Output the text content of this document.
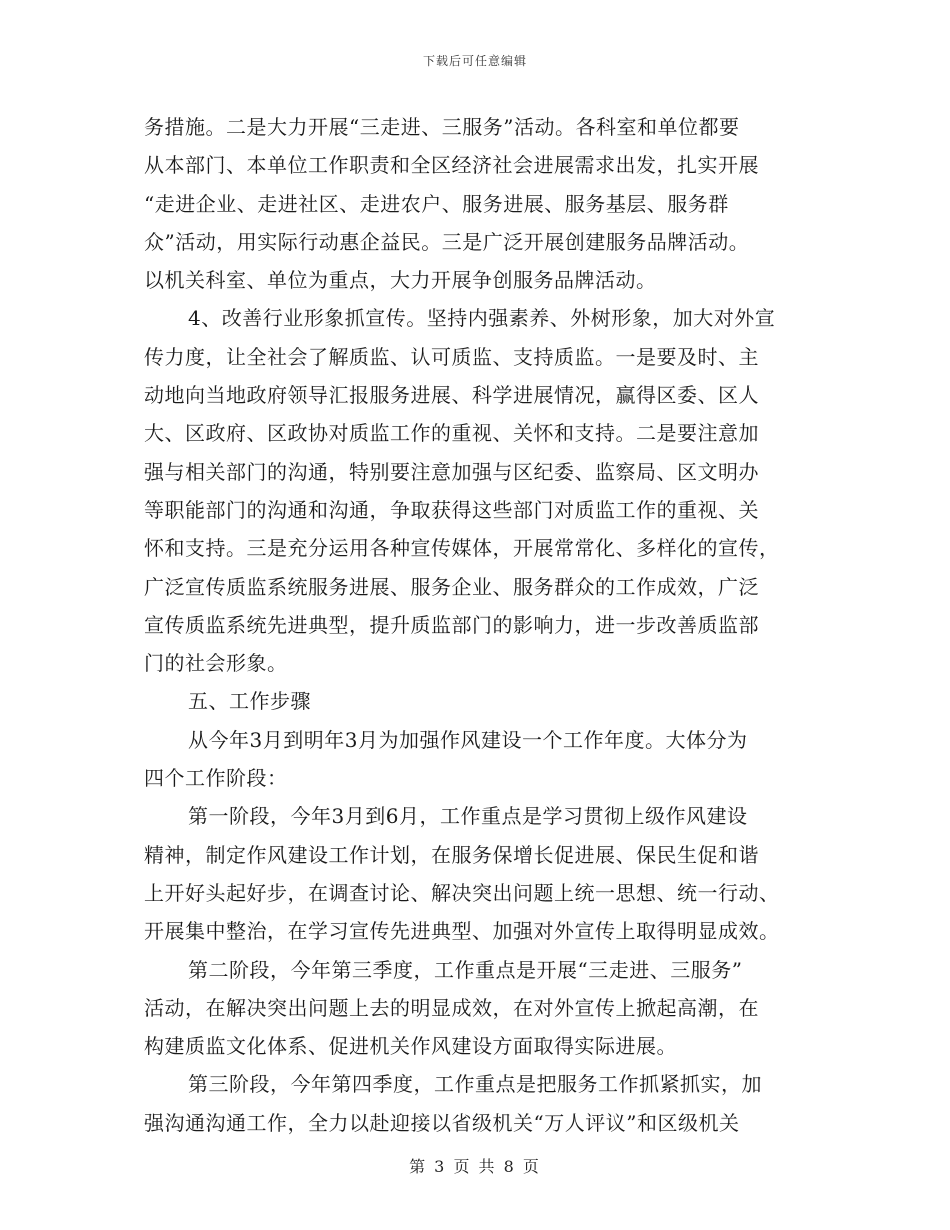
下载后可任意编辑
务措施。二是大力开展“三走进、三服务”活动。各科室和单位都要
从本部门、本单位工作职责和全区经济社会进展需求出发，扎实开展
“走进企业、走进社区、走进农户、服务进展、服务基层、服务群
众”活动，用实际行动惠企益民。三是广泛开展创建服务品牌活动。
以机关科室、单位为重点，大力开展争创服务品牌活动。
4、改善行业形象抓宣传。坚持内强素养、外树形象，加大对外宣
传力度，让全社会了解质监、认可质监、支持质监。一是要及时、主
动地向当地政府领导汇报服务进展、科学进展情况，赢得区委、区人
大、区政府、区政协对质监工作的重视、关怀和支持。二是要注意加
强与相关部门的沟通，特别要注意加强与区纪委、监察局、区文明办
等职能部门的沟通和沟通，争取获得这些部门对质监工作的重视、关
怀和支持。三是充分运用各种宣传媒体，开展常常化、多样化的宣传，
广泛宣传质监系统服务进展、服务企业、服务群众的工作成效，广泛
宣传质监系统先进典型，提升质监部门的影响力，进一步改善质监部
门的社会形象。
五、工作步骤
从今年3月到明年3月为加强作风建设一个工作年度。大体分为
四个工作阶段：
第一阶段，今年3月到6月，工作重点是学习贯彻上级作风建设
精神，制定作风建设工作计划，在服务保增长促进展、保民生促和谐
上开好头起好步，在调查讨论、解决突出问题上统一思想、统一行动、
开展集中整治，在学习宣传先进典型、加强对外宣传上取得明显成效。
第二阶段，今年第三季度，工作重点是开展“三走进、三服务”
活动，在解决突出问题上去的明显成效，在对外宣传上掀起高潮，在
构建质监文化体系、促进机关作风建设方面取得实际进展。
第三阶段，今年第四季度，工作重点是把服务工作抓紧抓实，加
强沟通沟通工作，全力以赴迎接以省级机关“万人评议”和区级机关
第 3 页 共 8 页
